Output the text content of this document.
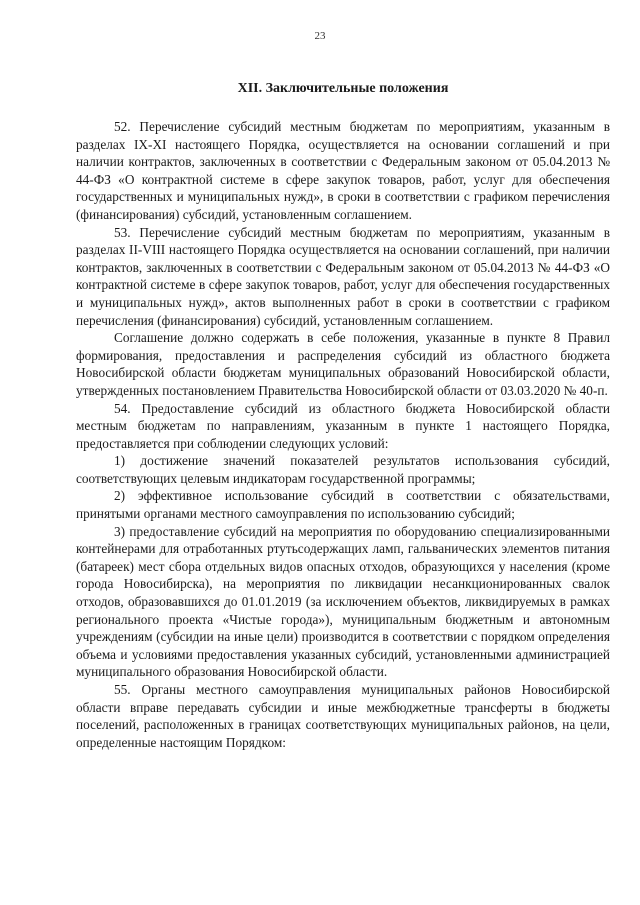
23
XII. Заключительные положения

52. Перечисление субсидий местным бюджетам по мероприятиям, указанным в разделах IX-XI настоящего Порядка, осуществляется на основании соглашений и при наличии контрактов, заключенных в соответствии с Федеральным законом от 05.04.2013 № 44-ФЗ «О контрактной системе в сфере закупок товаров, работ, услуг для обеспечения государственных и муниципальных нужд», в сроки в соответствии с графиком перечисления (финансирования) субсидий, установленным соглашением.

53. Перечисление субсидий местным бюджетам по мероприятиям, указанным в разделах II-VIII настоящего Порядка осуществляется на основании соглашений, при наличии контрактов, заключенных в соответствии с Федеральным законом от 05.04.2013 № 44-ФЗ «О контрактной системе в сфере закупок товаров, работ, услуг для обеспечения государственных и муниципальных нужд», актов выполненных работ в сроки в соответствии с графиком перечисления (финансирования) субсидий, установленным соглашением.

Соглашение должно содержать в себе положения, указанные в пункте 8 Правил формирования, предоставления и распределения субсидий из областного бюджета Новосибирской области бюджетам муниципальных образований Новосибирской области, утвержденных постановлением Правительства Новосибирской области от 03.03.2020 № 40-п.

54. Предоставление субсидий из областного бюджета Новосибирской области местным бюджетам по направлениям, указанным в пункте 1 настоящего Порядка, предоставляется при соблюдении следующих условий:

1) достижение значений показателей результатов использования субсидий, соответствующих целевым индикаторам государственной программы;

2) эффективное использование субсидий в соответствии с обязательствами, принятыми органами местного самоуправления по использованию субсидий;

3) предоставление субсидий на мероприятия по оборудованию специализированными контейнерами для отработанных ртутьсодержащих ламп, гальванических элементов питания (батареек) мест сбора отдельных видов опасных отходов, образующихся у населения (кроме города Новосибирска), на мероприятия по ликвидации несанкционированных свалок отходов, образовавшихся до 01.01.2019 (за исключением объектов, ликвидируемых в рамках регионального проекта «Чистые города»), муниципальным бюджетным и автономным учреждениям (субсидии на иные цели) производится в соответствии с порядком определения объема и условиями предоставления указанных субсидий, установленными администрацией муниципального образования Новосибирской области.

55. Органы местного самоуправления муниципальных районов Новосибирской области вправе передавать субсидии и иные межбюджетные трансферты в бюджеты поселений, расположенных в границах соответствующих муниципальных районов, на цели, определенные настоящим Порядком:
